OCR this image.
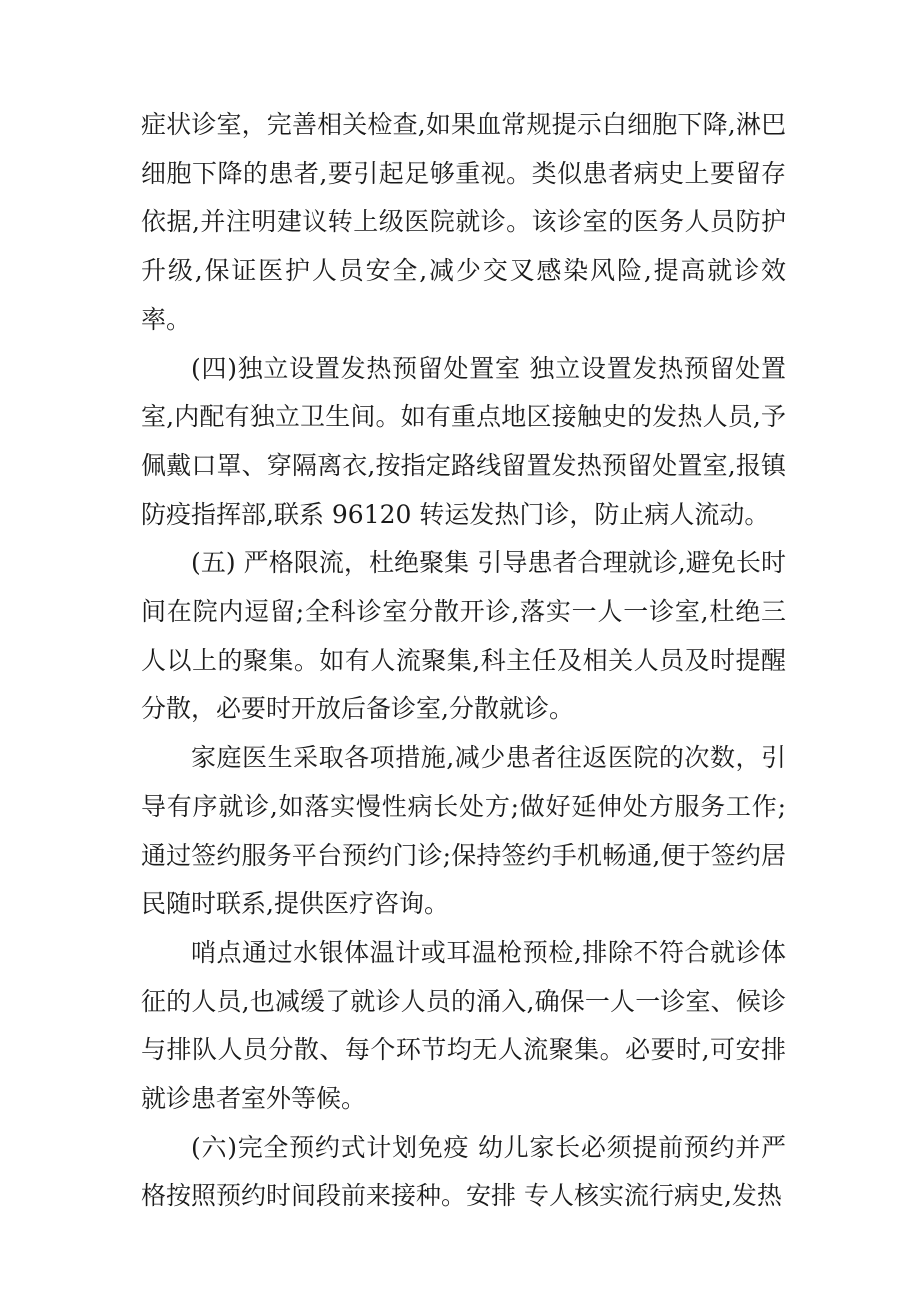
症状诊室，完善相关检查,如果血常规提示白细胞下降,淋巴细胞下降的患者,要引起足够重视。类似患者病史上要留存依据,并注明建议转上级医院就诊。该诊室的医务人员防护升级,保证医护人员安全,减少交叉感染风险,提高就诊效率。

(四)独立设置发热预留处置室 独立设置发热预留处置室,内配有独立卫生间。如有重点地区接触史的发热人员,予佩戴口罩、穿隔离衣,按指定路线留置发热预留处置室,报镇防疫指挥部,联系 96120 转运发热门诊，防止病人流动。

(五) 严格限流，杜绝聚集 引导患者合理就诊,避免长时间在院内逗留;全科诊室分散开诊,落实一人一诊室,杜绝三人以上的聚集。如有人流聚集,科主任及相关人员及时提醒分散，必要时开放后备诊室,分散就诊。

家庭医生采取各项措施,减少患者往返医院的次数，引导有序就诊,如落实慢性病长处方;做好延伸处方服务工作;通过签约服务平台预约门诊;保持签约手机畅通,便于签约居民随时联系,提供医疗咨询。

哨点通过水银体温计或耳温枪预检,排除不符合就诊体征的人员,也减缓了就诊人员的涌入,确保一人一诊室、候诊与排队人员分散、每个环节均无人流聚集。必要时,可安排就诊患者室外等候。

(六)完全预约式计划免疫 幼儿家长必须提前预约并严格按照预约时间段前来接种。安排 专人核实流行病史,发热
